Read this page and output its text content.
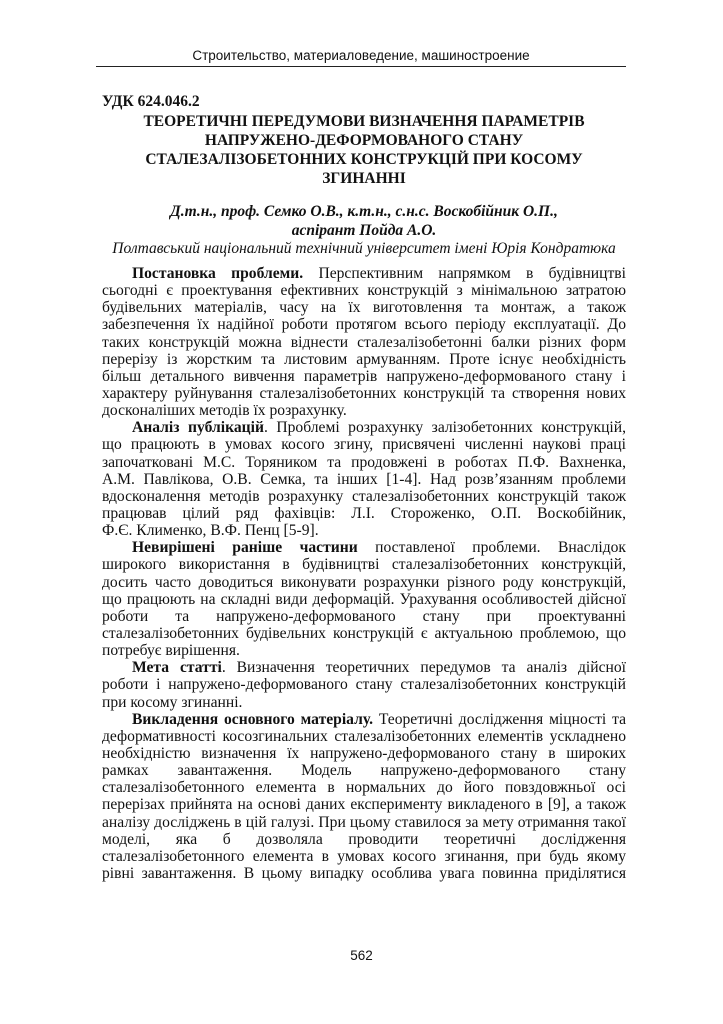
Строительство, материаловедение, машиностроение
УДК 624.046.2
ТЕОРЕТИЧНІ ПЕРЕДУМОВИ ВИЗНАЧЕННЯ ПАРАМЕТРІВ
НАПРУЖЕНО-ДЕФОРМОВАНОГО СТАНУ
СТАЛЕЗАЛІЗОБЕТОННИХ КОНСТРУКЦІЙ ПРИ КОСОМУ
ЗГИНАННІ
Д.т.н., проф. Семко О.В., к.т.н., с.н.с. Воскобійник О.П.,
аспірант Пойда А.О.
Полтавський національний технічний університет імені Юрія Кондратюка
Постановка проблеми. Перспективним напрямком в будівництві
сьогодні є проектування ефективних конструкцій з мінімальною затратою
будівельних матеріалів, часу на їх виготовлення та монтаж, а також
забезпечення їх надійної роботи протягом всього періоду експлуатації. До
таких конструкцій можна віднести сталезалізобетонні балки різних форм
перерізу із жорстким та листовим армуванням. Проте існує необхідність
більш детального вивчення параметрів напружено-деформованого стану і
характеру руйнування сталезалізобетонних конструкцій та створення нових
досконаліших методів їх розрахунку.
Аналіз публікацій. Проблемі розрахунку залізобетонних конструкцій,
що працюють в умовах косого згину, присвячені численні наукові праці
започатковані М.С. Торяником та продовжені в роботах П.Ф. Вахненка,
А.М. Павлікова, О.В. Семка, та інших [1-4]. Над розв’язанням проблеми
вдосконалення методів розрахунку сталезалізобетонних конструкцій також
працював цілий ряд фахівців: Л.І. Стороженко, О.П. Воскобійник,
Ф.Є. Клименко, В.Ф. Пенц [5-9].
Невирішені раніше частини поставленої проблеми. Внаслідок
широкого використання в будівництві сталезалізобетонних конструкцій,
досить часто доводиться виконувати розрахунки різного роду конструкцій,
що працюють на складні види деформацій. Урахування особливостей дійсної
роботи та напружено-деформованого стану при проектуванні
сталезалізобетонних будівельних конструкцій є актуальною проблемою, що
потребує вирішення.
Мета статті. Визначення теоретичних передумов та аналіз дійсної
роботи і напружено-деформованого стану сталезалізобетонних конструкцій
при косому згинанні.
Викладення основного матеріалу. Теоретичні дослідження міцності та
деформативності косозгинальних сталезалізобетонних елементів ускладнено
необхідністю визначення їх напружено-деформованого стану в широких
рамках завантаження. Модель напружено-деформованого стану
сталезалізобетонного елемента в нормальних до його повздовжньої осі
перерізах прийнята на основі даних експерименту викладеного в [9], а також
аналізу досліджень в цій галузі. При цьому ставилося за мету отримання такої
моделі, яка б дозволяла проводити теоретичні дослідження
сталезалізобетонного елемента в умовах косого згинання, при будь якому
рівні завантаження. В цьому випадку особлива увага повинна приділятися
562
